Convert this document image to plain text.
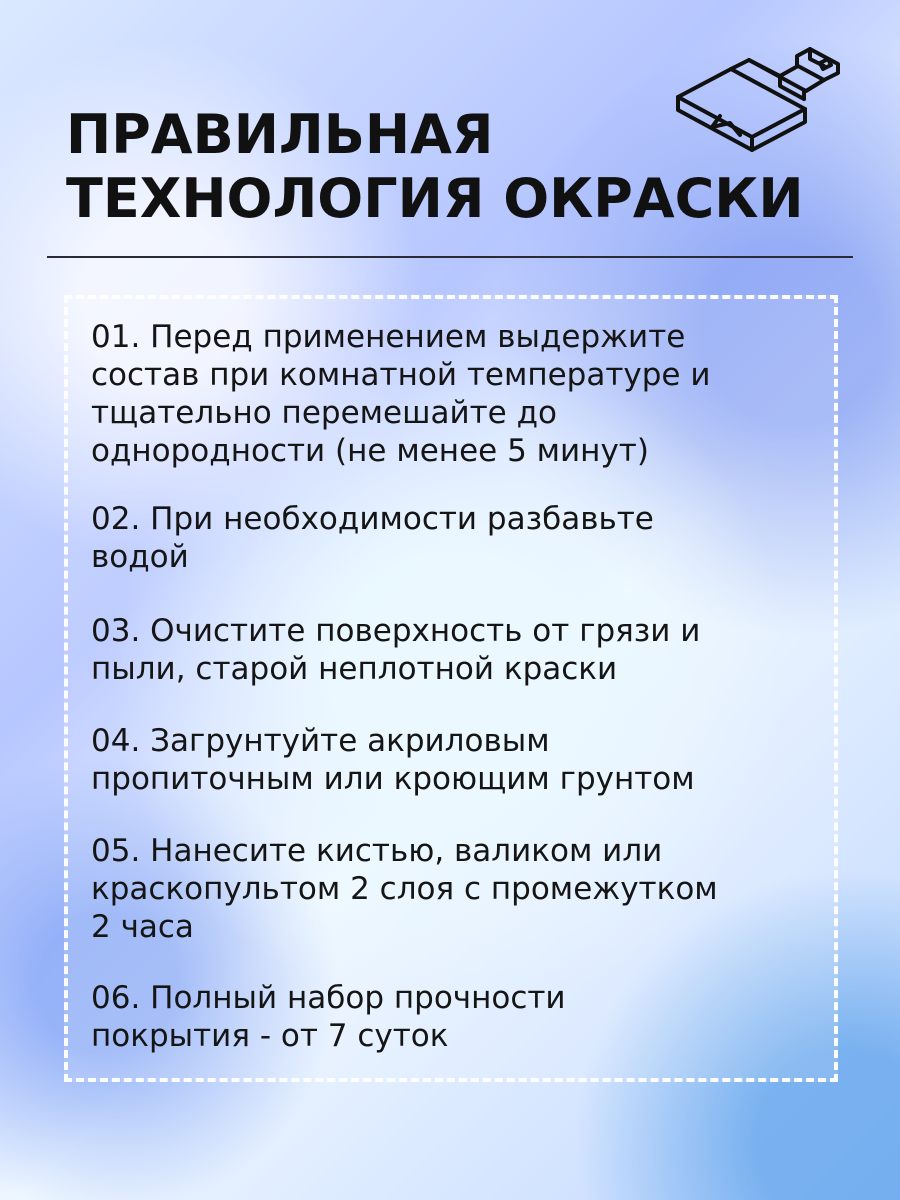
ПРАВИЛЬНАЯ
ТЕХНОЛОГИЯ ОКРАСКИ

01. Перед применением выдержите
состав при комнатной температуре и
тщательно перемешайте до
однородности (не менее 5 минут)

02. При необходимости разбавьте
водой

03. Очистите поверхность от грязи и
пыли, старой неплотной краски

04. Загрунтуйте акриловым
пропиточным или кроющим грунтом

05. Нанесите кистью, валиком или
краскопультом 2 слоя с промежутком
2 часа

06. Полный набор прочности
покрытия - от 7 суток
